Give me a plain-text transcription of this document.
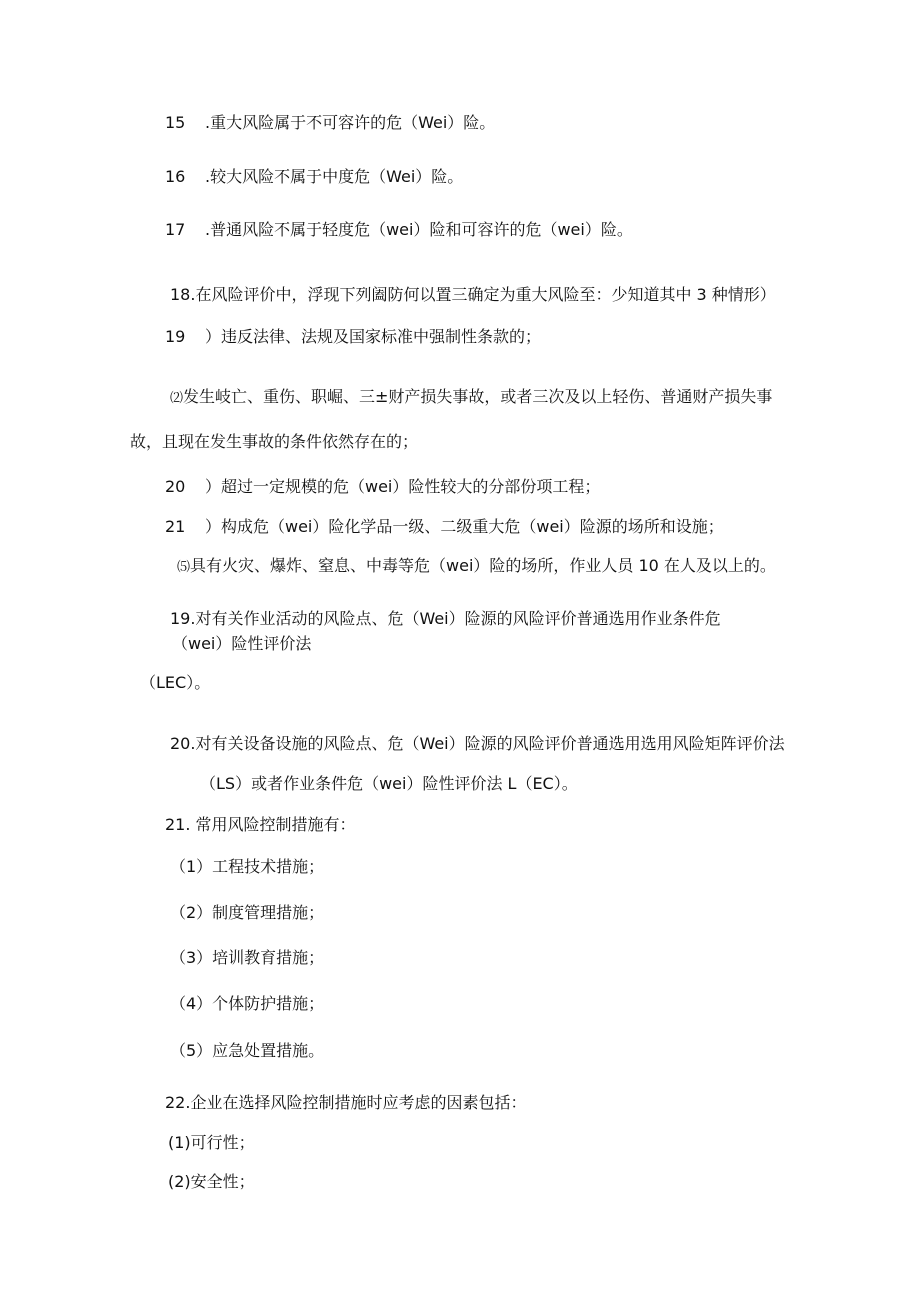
15 .重大风险属于不可容许的危（Wei）险。
16 .较大风险不属于中度危（Wei）险。
17 .普通风险不属于轻度危（wei）险和可容许的危（wei）险。
18.在风险评价中，浮现下列阖防何以置三确定为重大风险至：少知道其中 3 种情形）
19 ）违反法律、法规及国家标准中强制性条款的；
⑵发生岐亡、重伤、职崛、三±财产损失事故，或者三次及以上轻伤、普通财产损失事
故，且现在发生事故的条件依然存在的；
20 ）超过一定规模的危（wei）险性较大的分部份项工程；
21 ）构成危（wei）险化学品一级、二级重大危（wei）险源的场所和设施；
⑸具有火灾、爆炸、窒息、中毒等危（wei）险的场所，作业人员 10 在人及以上的。
19.对有关作业活动的风险点、危（Wei）险源的风险评价普通选用作业条件危
（wei）险性评价法
（LEC）。
20.对有关设备设施的风险点、危（Wei）险源的风险评价普通选用选用风险矩阵评价法
（LS）或者作业条件危（wei）险性评价法 L（EC）。
21. 常用风险控制措施有：
（1）工程技术措施；
（2）制度管理措施；
（3）培训教育措施；
（4）个体防护措施；
（5）应急处置措施。
22.企业在选择风险控制措施时应考虑的因素包括：
(1)可行性；
(2)安全性；
